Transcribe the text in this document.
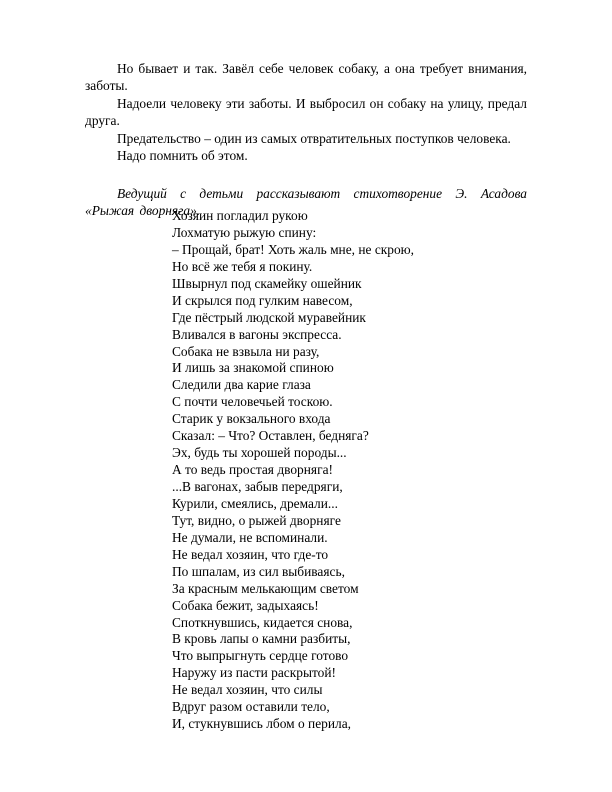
Но бывает и так. Завёл себе человек собаку, а она требует внимания, заботы.

Надоели человеку эти заботы. И выбросил он собаку на улицу, предал друга.

Предательство – один из самых отвратительных поступков человека.

Надо помнить об этом.

Ведущий с детьми рассказывают стихотворение Э. Асадова «Рыжая дворняга».

Хозяин погладил рукою
Лохматую рыжую спину:
– Прощай, брат! Хоть жаль мне, не скрою,
Но всё же тебя я покину.
Швырнул под скамейку ошейник
И скрылся под гулким навесом,
Где пёстрый людской муравейник
Вливался в вагоны экспресса.
Собака не взвыла ни разу,
И лишь за знакомой спиною
Следили два карие глаза
С почти человечьей тоскою.
Старик у вокзального входа
Сказал: – Что? Оставлен, бедняга?
Эх, будь ты хорошей породы...
А то ведь простая дворняга!
...В вагонах, забыв передряги,
Курили, смеялись, дремали...
Тут, видно, о рыжей дворняге
Не думали, не вспоминали.
Не ведал хозяин, что где-то
По шпалам, из сил выбиваясь,
За красным мелькающим светом
Собака бежит, задыхаясь!
Споткнувшись, кидается снова,
В кровь лапы о камни разбиты,
Что выпрыгнуть сердце готово
Наружу из пасти раскрытой!
Не ведал хозяин, что силы
Вдруг разом оставили тело,
И, стукнувшись лбом о перила,
